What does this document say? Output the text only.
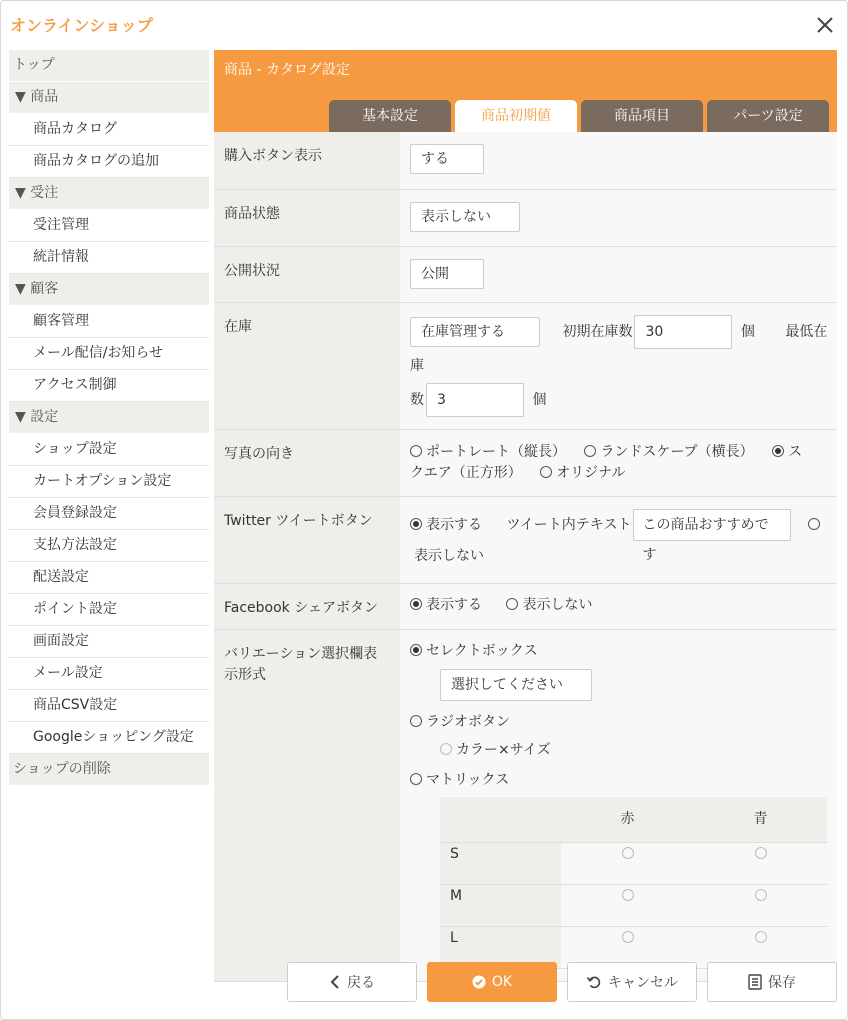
オンラインショップ
トップ
▼ 商品
商品カタログ
商品カタログの追加
▼ 受注
受注管理
統計情報
▼ 顧客
顧客管理
メール配信/お知らせ
アクセス制御
▼ 設定
ショップ設定
カートオプション設定
会員登録設定
支払方法設定
配送設定
ポイント設定
画面設定
メール設定
商品CSV設定
Googleショッピング設定
ショップの削除
商品 - カタログ設定
基本設定	商品初期値	商品項目	パーツ設定
購入ボタン表示	する
商品状態	表示しない
公開状況	公開
在庫	在庫管理する	初期在庫数 30	個 最低在庫
数 3	個
写真の向き	ポートレート（縦長） ランドスケープ（横長） ス
クエア（正方形） オリジナル
Twitter ツイートボタン	表示する ツイート内テキスト この商品おすすめです
表示しない
Facebook シェアボタン	表示する	表示しない
バリエーション選択欄表示形式	
セレクトボックス
選択してください
ラジオボタン
カラー×サイズ
マトリックス
	赤	青
S		
M		
L		
戻る	OK	キャンセル	保存
